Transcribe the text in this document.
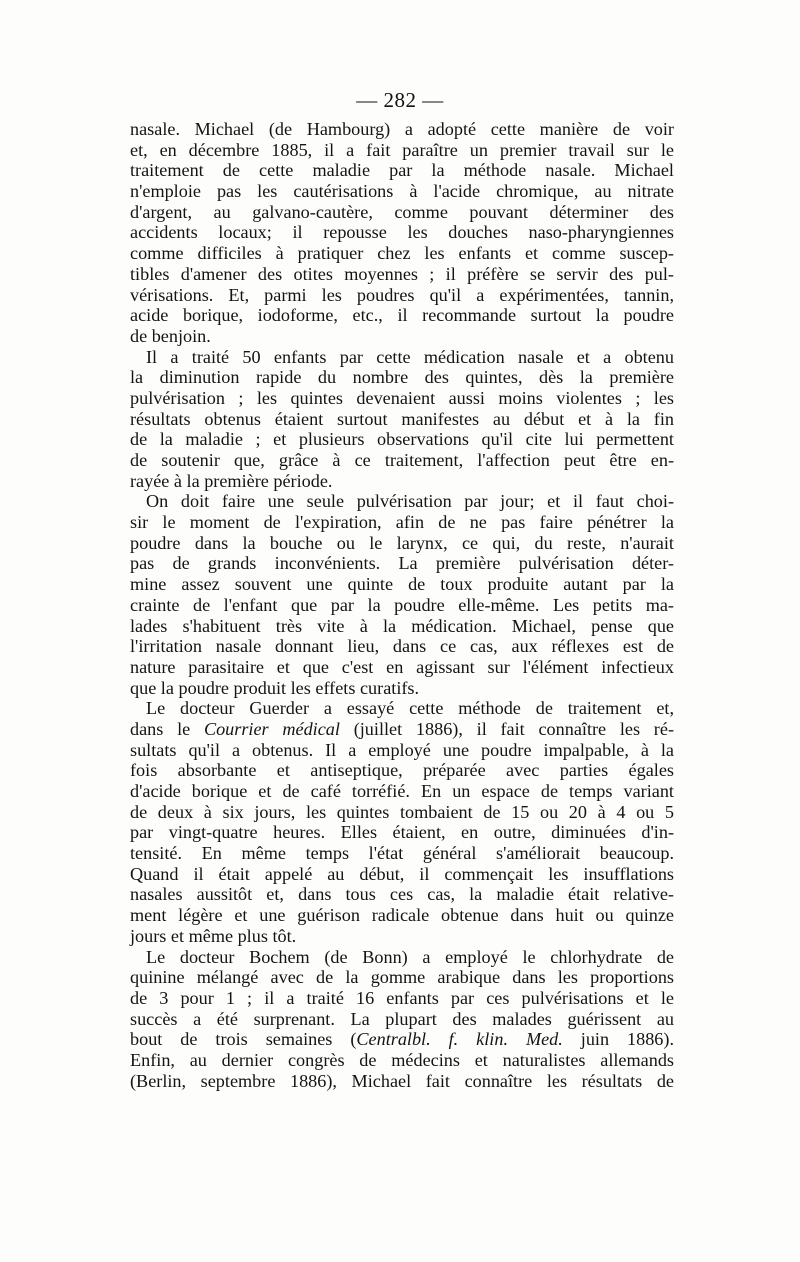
— 282 —
nasale. Michael (de Hambourg) a adopté cette manière de voir
et, en décembre 1885, il a fait paraître un premier travail sur le
traitement de cette maladie par la méthode nasale. Michael
n'emploie pas les cautérisations à l'acide chromique, au nitrate
d'argent, au galvano-cautère, comme pouvant déterminer des
accidents locaux; il repousse les douches naso-pharyngiennes
comme difficiles à pratiquer chez les enfants et comme suscep-
tibles d'amener des otites moyennes ; il préfère se servir des pul-
vérisations. Et, parmi les poudres qu'il a expérimentées, tannin,
acide borique, iodoforme, etc., il recommande surtout la poudre
de benjoin.
Il a traité 50 enfants par cette médication nasale et a obtenu
la diminution rapide du nombre des quintes, dès la première
pulvérisation ; les quintes devenaient aussi moins violentes ; les
résultats obtenus étaient surtout manifestes au début et à la fin
de la maladie ; et plusieurs observations qu'il cite lui permettent
de soutenir que, grâce à ce traitement, l'affection peut être en-
rayée à la première période.
On doit faire une seule pulvérisation par jour; et il faut choi-
sir le moment de l'expiration, afin de ne pas faire pénétrer la
poudre dans la bouche ou le larynx, ce qui, du reste, n'aurait
pas de grands inconvénients. La première pulvérisation déter-
mine assez souvent une quinte de toux produite autant par la
crainte de l'enfant que par la poudre elle-même. Les petits ma-
lades s'habituent très vite à la médication. Michael, pense que
l'irritation nasale donnant lieu, dans ce cas, aux réflexes est de
nature parasitaire et que c'est en agissant sur l'élément infectieux
que la poudre produit les effets curatifs.
Le docteur Guerder a essayé cette méthode de traitement et,
dans le Courrier médical (juillet 1886), il fait connaître les ré-
sultats qu'il a obtenus. Il a employé une poudre impalpable, à la
fois absorbante et antiseptique, préparée avec parties égales
d'acide borique et de café torréfié. En un espace de temps variant
de deux à six jours, les quintes tombaient de 15 ou 20 à 4 ou 5
par vingt-quatre heures. Elles étaient, en outre, diminuées d'in-
tensité. En même temps l'état général s'améliorait beaucoup.
Quand il était appelé au début, il commençait les insufflations
nasales aussitôt et, dans tous ces cas, la maladie était relative-
ment légère et une guérison radicale obtenue dans huit ou quinze
jours et même plus tôt.
Le docteur Bochem (de Bonn) a employé le chlorhydrate de
quinine mélangé avec de la gomme arabique dans les proportions
de 3 pour 1 ; il a traité 16 enfants par ces pulvérisations et le
succès a été surprenant. La plupart des malades guérissent au
bout de trois semaines (Centralbl. f. klin. Med. juin 1886).
Enfin, au dernier congrès de médecins et naturalistes allemands
(Berlin, septembre 1886), Michael fait connaître les résultats de
